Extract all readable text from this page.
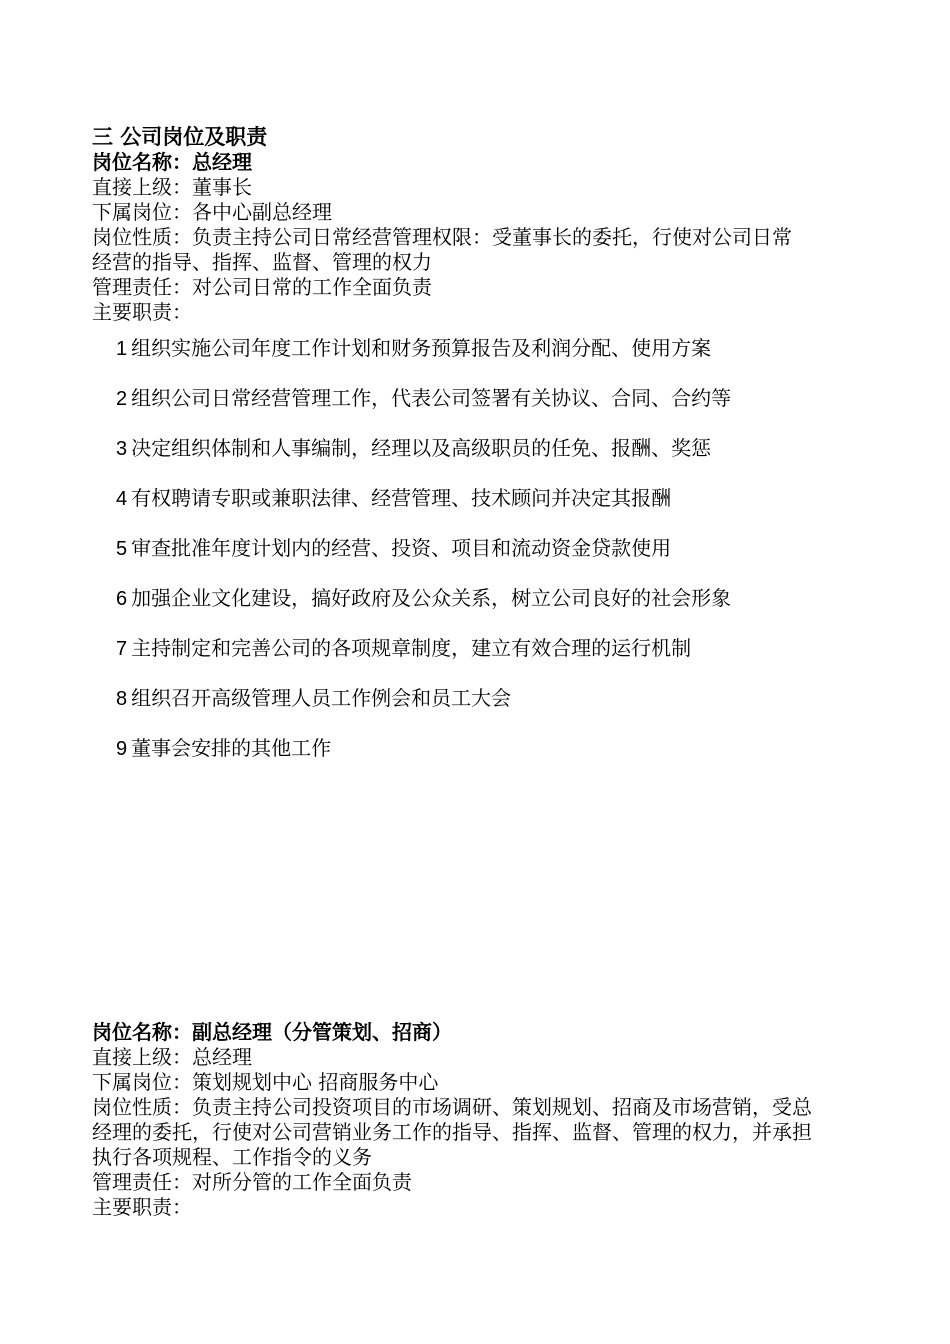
三 公司岗位及职责

岗位名称：总经理

直接上级：董事长

下属岗位：各中心副总经理

岗位性质：负责主持公司日常经营管理权限：受董事长的委托，行使对公司日常

经营的指导、指挥、监督、管理的权力

管理责任：对公司日常的工作全面负责

主要职责：

1 组织实施公司年度工作计划和财务预算报告及利润分配、使用方案
2 组织公司日常经营管理工作，代表公司签署有关协议、合同、合约等
3 决定组织体制和人事编制，经理以及高级职员的任免、报酬、奖惩
4 有权聘请专职或兼职法律、经营管理、技术顾问并决定其报酬
5 审查批准年度计划内的经营、投资、项目和流动资金贷款使用
6 加强企业文化建设，搞好政府及公众关系，树立公司良好的社会形象
7 主持制定和完善公司的各项规章制度，建立有效合理的运行机制
8 组织召开高级管理人员工作例会和员工大会
9 董事会安排的其他工作

岗位名称：副总经理（分管策划、招商）

直接上级：总经理

下属岗位：策划规划中心 招商服务中心

岗位性质：负责主持公司投资项目的市场调研、策划规划、招商及市场营销，受总

经理的委托，行使对公司营销业务工作的指导、指挥、监督、管理的权力，并承担

执行各项规程、工作指令的义务

管理责任：对所分管的工作全面负责

主要职责：
